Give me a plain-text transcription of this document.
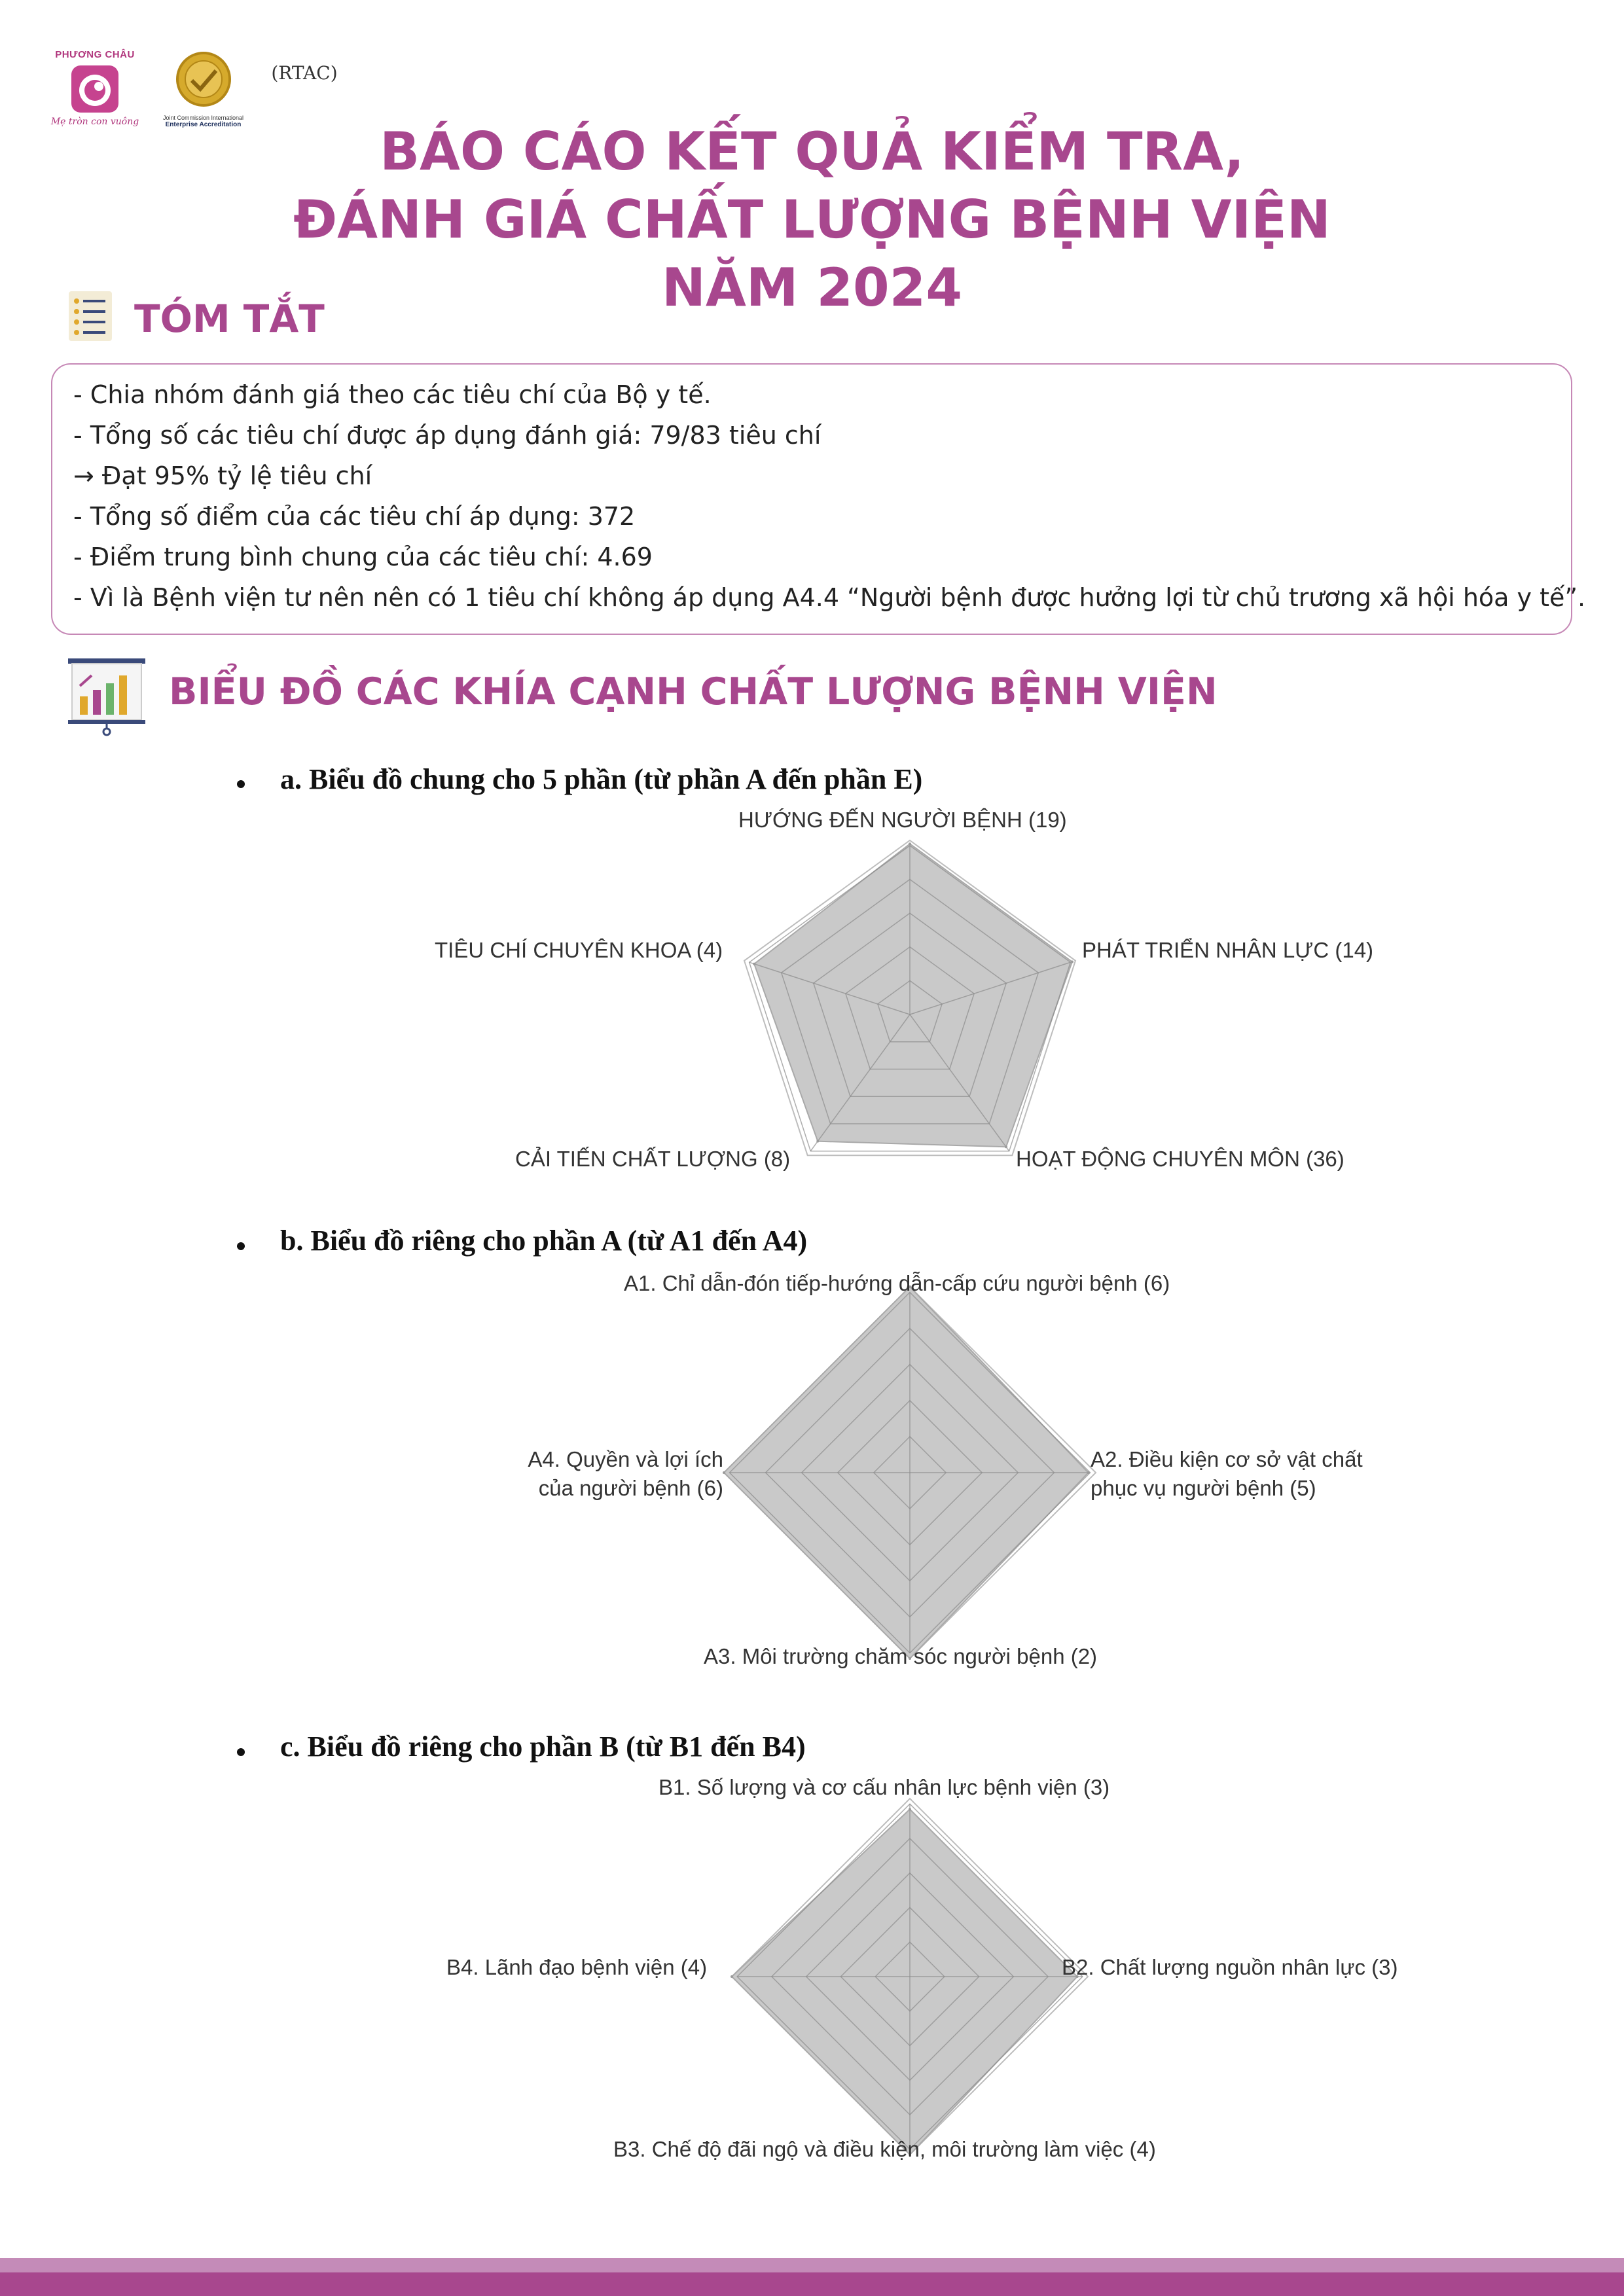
PHƯƠNG CHÂU
Mẹ tròn con vuông	Joint Commission International
Enterprise Accreditation
(RTAC)
BÁO CÁO KẾT QUẢ KIỂM TRA,
ĐÁNH GIÁ CHẤT LƯỢNG BỆNH VIỆN
NĂM 2024
TÓM TẮT
- Chia nhóm đánh giá theo các tiêu chí của Bộ y tế.
- Tổng số các tiêu chí được áp dụng đánh giá: 79/83 tiêu chí
→ Đạt 95% tỷ lệ tiêu chí
- Tổng số điểm của các tiêu chí áp dụng: 372
- Điểm trung bình chung của các tiêu chí: 4.69
- Vì là Bệnh viện tư nên nên có 1 tiêu chí không áp dụng A4.4 “Người bệnh được hưởng lợi từ chủ trương xã hội hóa y tế”.
BIỂU ĐỒ CÁC KHÍA CẠNH CHẤT LƯỢNG BỆNH VIỆN
a. Biểu đồ chung cho 5 phần (từ phần A đến phần E)
HƯỚNG ĐẾN NGƯỜI BỆNH (19)
PHÁT TRIỂN NHÂN LỰC (14)
HOẠT ĐỘNG CHUYÊN MÔN (36)
CẢI TIẾN CHẤT LƯỢNG (8)
TIÊU CHÍ CHUYÊN KHOA (4)
b. Biểu đồ riêng cho phần A (từ A1 đến A4)
A1. Chỉ dẫn-đón tiếp-hướng dẫn-cấp cứu người bệnh (6)
A2. Điều kiện cơ sở vật chất phục vụ người bệnh (5)
A3. Môi trường chăm sóc người bệnh (2)
A4. Quyền và lợi ích của người bệnh (6)
c. Biểu đồ riêng cho phần B (từ B1 đến B4)
B1. Số lượng và cơ cấu nhân lực bệnh viện (3)
B2. Chất lượng nguồn nhân lực (3)
B3. Chế độ đãi ngộ và điều kiện, môi trường làm việc (4)
B4. Lãnh đạo bệnh viện (4)
